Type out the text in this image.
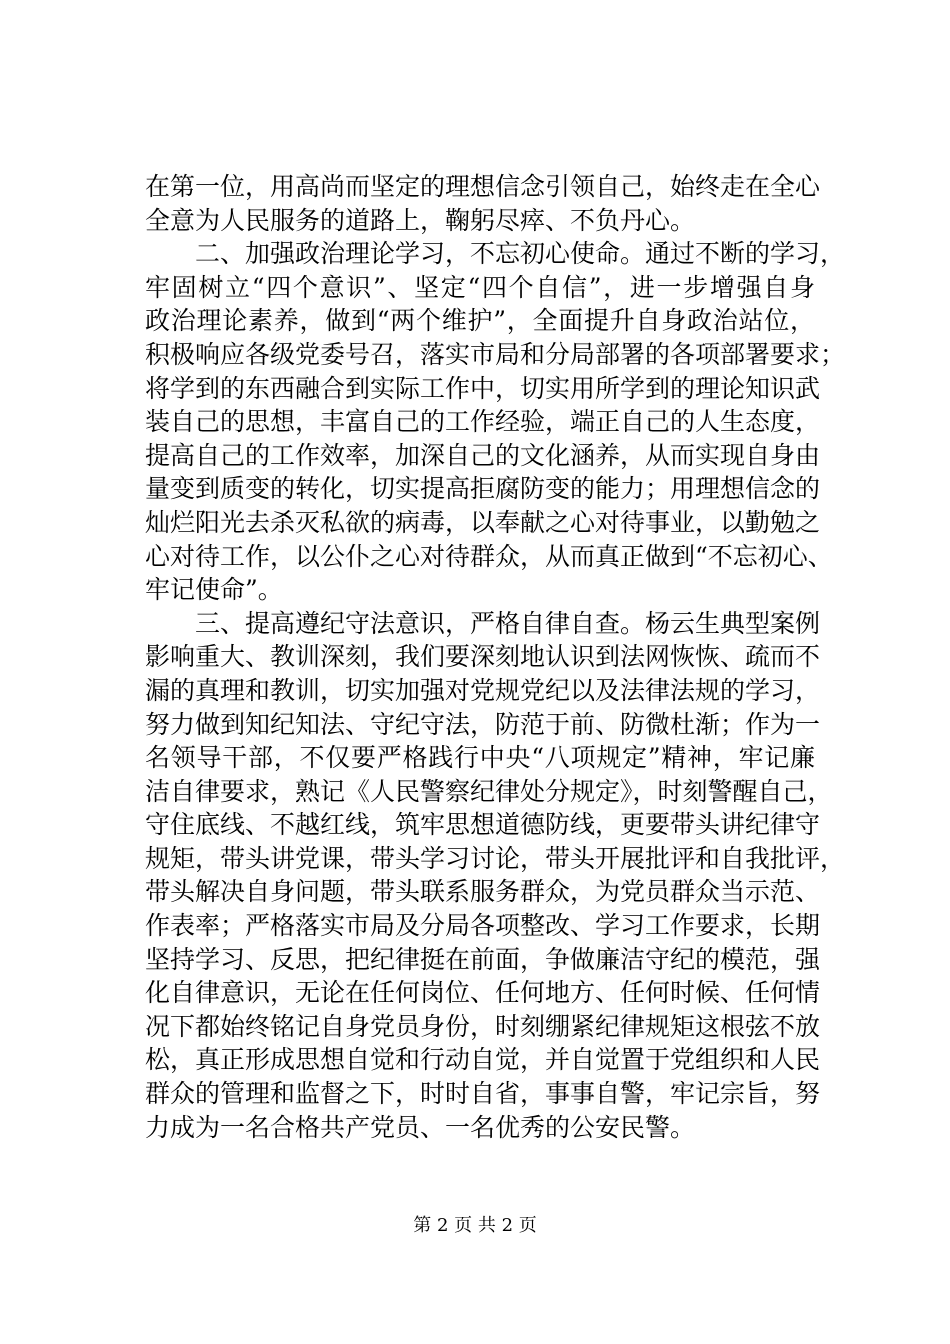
在第一位，用高尚而坚定的理想信念引领自己，始终走在全心
全意为人民服务的道路上，鞠躬尽瘁、不负丹心。
　　二、加强政治理论学习，不忘初心使命。通过不断的学习，
牢固树立“四个意识”、坚定“四个自信”，进一步增强自身
政治理论素养，做到“两个维护”，全面提升自身政治站位，
积极响应各级党委号召，落实市局和分局部署的各项部署要求；
将学到的东西融合到实际工作中，切实用所学到的理论知识武
装自己的思想，丰富自己的工作经验，端正自己的人生态度，
提高自己的工作效率，加深自己的文化涵养，从而实现自身由
量变到质变的转化，切实提高拒腐防变的能力；用理想信念的
灿烂阳光去杀灭私欲的病毒，以奉献之心对待事业，以勤勉之
心对待工作，以公仆之心对待群众，从而真正做到“不忘初心、
牢记使命”。
　　三、提高遵纪守法意识，严格自律自查。杨云生典型案例
影响重大、教训深刻，我们要深刻地认识到法网恢恢、疏而不
漏的真理和教训，切实加强对党规党纪以及法律法规的学习，
努力做到知纪知法、守纪守法，防范于前、防微杜渐；作为一
名领导干部，不仅要严格践行中央“八项规定”精神，牢记廉
洁自律要求，熟记《人民警察纪律处分规定》，时刻警醒自己，
守住底线、不越红线，筑牢思想道德防线，更要带头讲纪律守
规矩，带头讲党课，带头学习讨论，带头开展批评和自我批评，
带头解决自身问题，带头联系服务群众，为党员群众当示范、
作表率；严格落实市局及分局各项整改、学习工作要求，长期
坚持学习、反思，把纪律挺在前面，争做廉洁守纪的模范，强
化自律意识，无论在任何岗位、任何地方、任何时候、任何情
况下都始终铭记自身党员身份，时刻绷紧纪律规矩这根弦不放
松，真正形成思想自觉和行动自觉，并自觉置于党组织和人民
群众的管理和监督之下，时时自省，事事自警，牢记宗旨，努
力成为一名合格共产党员、一名优秀的公安民警。
第 2 页 共 2 页
